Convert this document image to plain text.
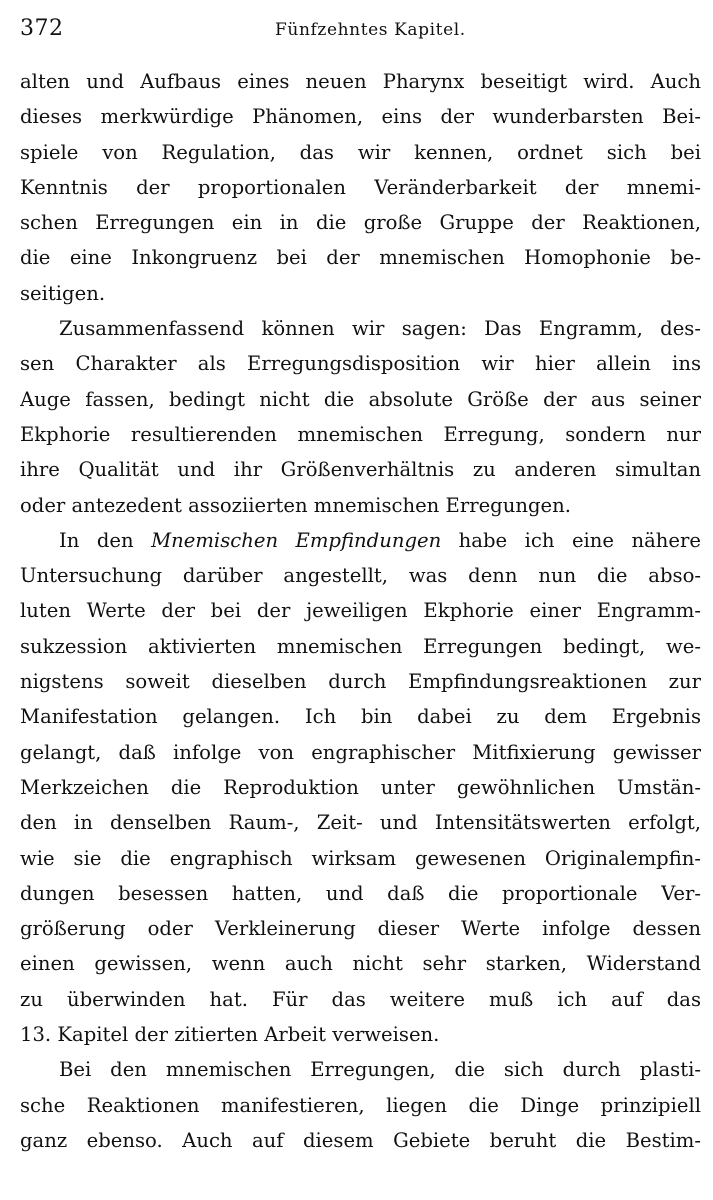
372	Fünfzehntes Kapitel.
alten und Aufbaus eines neuen Pharynx beseitigt wird. Auch
dieses merkwürdige Phänomen, eins der wunderbarsten Bei-
spiele von Regulation, das wir kennen, ordnet sich bei
Kenntnis der proportionalen Veränderbarkeit der mnemi-
schen Erregungen ein in die große Gruppe der Reaktionen,
die eine Inkongruenz bei der mnemischen Homophonie be-
seitigen.
Zusammenfassend können wir sagen: Das Engramm, des-
sen Charakter als Erregungsdisposition wir hier allein ins
Auge fassen, bedingt nicht die absolute Größe der aus seiner
Ekphorie resultierenden mnemischen Erregung, sondern nur
ihre Qualität und ihr Größenverhältnis zu anderen simultan
oder antezedent assoziierten mnemischen Erregungen.
In den Mnemischen Empfindungen habe ich eine nähere
Untersuchung darüber angestellt, was denn nun die abso-
luten Werte der bei der jeweiligen Ekphorie einer Engramm-
sukzession aktivierten mnemischen Erregungen bedingt, we-
nigstens soweit dieselben durch Empfindungsreaktionen zur
Manifestation gelangen. Ich bin dabei zu dem Ergebnis
gelangt, daß infolge von engraphischer Mitfixierung gewisser
Merkzeichen die Reproduktion unter gewöhnlichen Umstän-
den in denselben Raum-, Zeit- und Intensitätswerten erfolgt,
wie sie die engraphisch wirksam gewesenen Originalempfin-
dungen besessen hatten, und daß die proportionale Ver-
größerung oder Verkleinerung dieser Werte infolge dessen
einen gewissen, wenn auch nicht sehr starken, Widerstand
zu überwinden hat. Für das weitere muß ich auf das
13. Kapitel der zitierten Arbeit verweisen.
Bei den mnemischen Erregungen, die sich durch plasti-
sche Reaktionen manifestieren, liegen die Dinge prinzipiell
ganz ebenso. Auch auf diesem Gebiete beruht die Bestim-
